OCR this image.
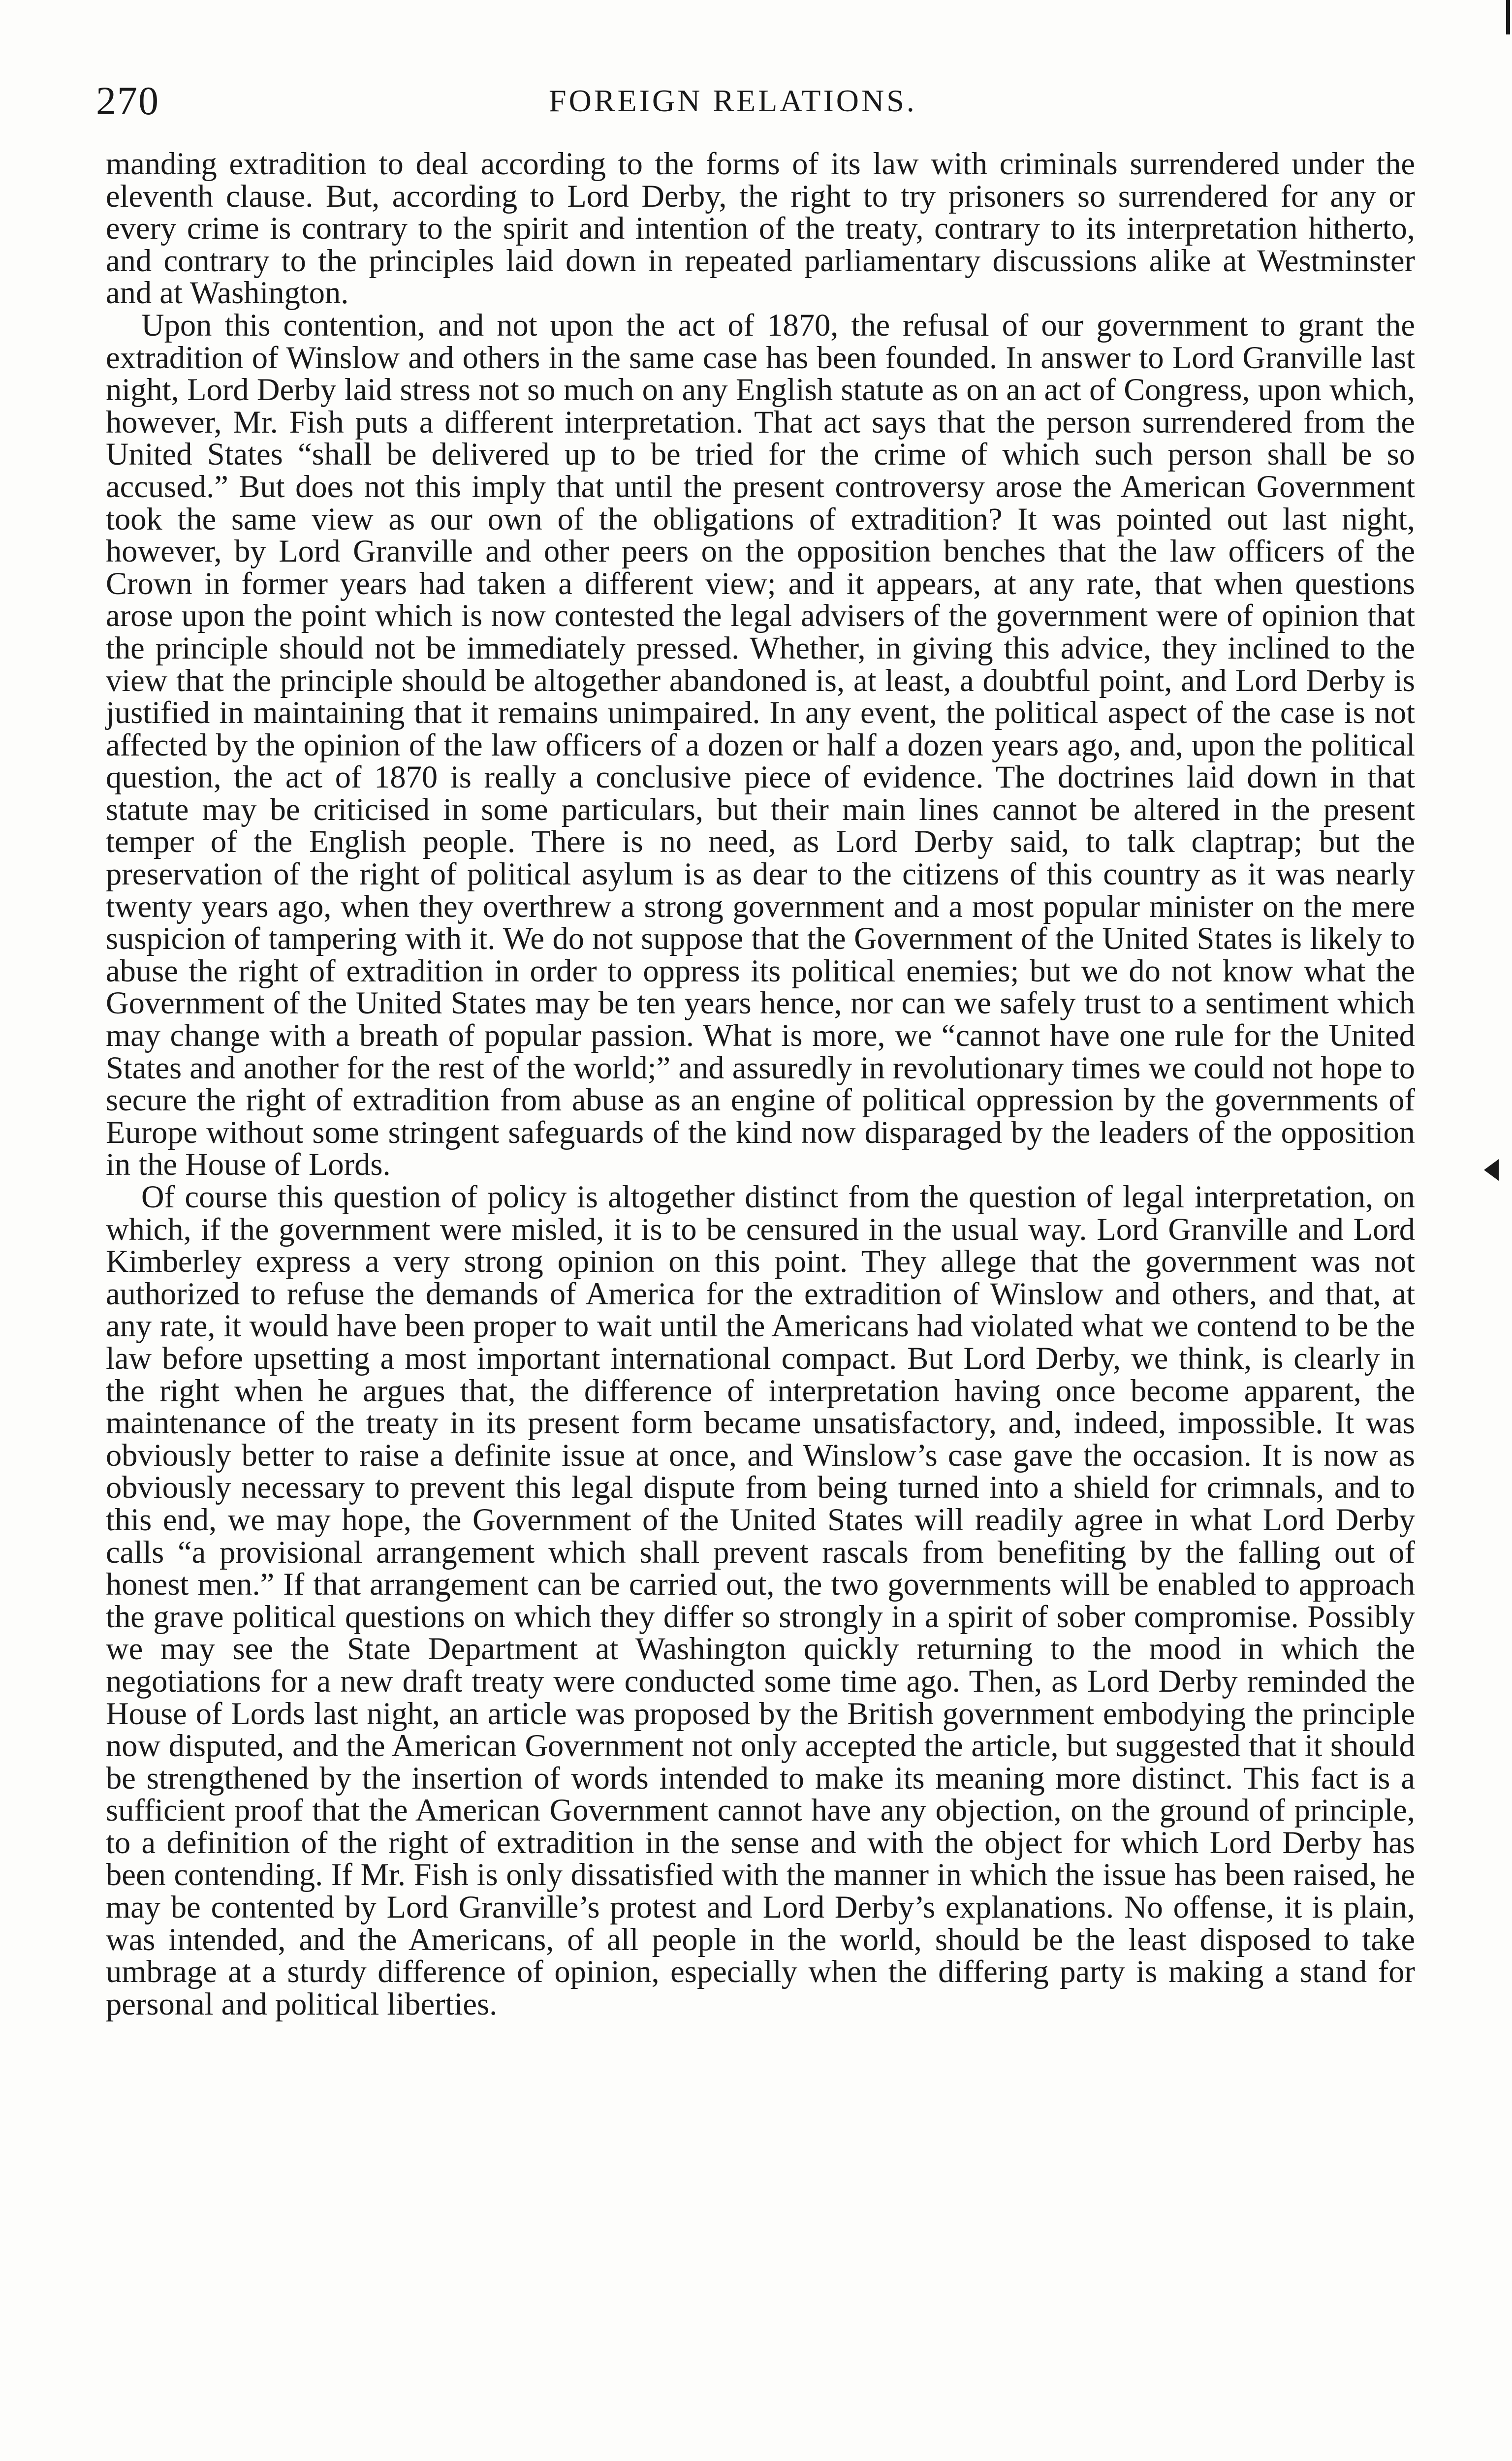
270	FOREIGN RELATIONS.

manding extradition to deal according to the forms of its law with criminals surrendered under the eleventh clause. But, according to Lord Derby, the right to try prisoners so surrendered for any or every crime is contrary to the spirit and intention of the treaty, contrary to its interpretation hitherto, and contrary to the principles laid down in repeated parliamentary discussions alike at Westminster and at Washington.

Upon this contention, and not upon the act of 1870, the refusal of our government to grant the extradition of Winslow and others in the same case has been founded. In answer to Lord Granville last night, Lord Derby laid stress not so much on any English statute as on an act of Congress, upon which, however, Mr. Fish puts a different interpretation. That act says that the person surrendered from the United States “shall be delivered up to be tried for the crime of which such person shall be so accused.” But does not this imply that until the present controversy arose the American Government took the same view as our own of the obligations of extradition? It was pointed out last night, however, by Lord Granville and other peers on the opposition benches that the law officers of the Crown in former years had taken a different view; and it appears, at any rate, that when questions arose upon the point which is now contested the legal advisers of the government were of opinion that the principle should not be immediately pressed. Whether, in giving this advice, they inclined to the view that the principle should be altogether abandoned is, at least, a doubtful point, and Lord Derby is justified in maintaining that it remains unimpaired. In any event, the political aspect of the case is not affected by the opinion of the law officers of a dozen or half a dozen years ago, and, upon the political question, the act of 1870 is really a conclusive piece of evidence. The doctrines laid down in that statute may be criticised in some particulars, but their main lines cannot be altered in the present temper of the English people. There is no need, as Lord Derby said, to talk claptrap; but the preservation of the right of political asylum is as dear to the citizens of this country as it was nearly twenty years ago, when they overthrew a strong government and a most popular minister on the mere suspicion of tampering with it. We do not suppose that the Government of the United States is likely to abuse the right of extradition in order to oppress its political enemies; but we do not know what the Government of the United States may be ten years hence, nor can we safely trust to a sentiment which may change with a breath of popular passion. What is more, we “cannot have one rule for the United States and another for the rest of the world;” and assuredly in revolutionary times we could not hope to secure the right of extradition from abuse as an engine of political oppression by the governments of Europe without some stringent safeguards of the kind now disparaged by the leaders of the opposition in the House of Lords.

Of course this question of policy is altogether distinct from the question of legal interpretation, on which, if the government were misled, it is to be censured in the usual way. Lord Granville and Lord Kimberley express a very strong opinion on this point. They allege that the government was not authorized to refuse the demands of America for the extradition of Winslow and others, and that, at any rate, it would have been proper to wait until the Americans had violated what we contend to be the law before upsetting a most important international compact. But Lord Derby, we think, is clearly in the right when he argues that, the difference of interpretation having once become apparent, the maintenance of the treaty in its present form became unsatisfactory, and, indeed, impossible. It was obviously better to raise a definite issue at once, and Winslow’s case gave the occasion. It is now as obviously necessary to prevent this legal dispute from being turned into a shield for crimnals, and to this end, we may hope, the Government of the United States will readily agree in what Lord Derby calls “a provisional arrangement which shall prevent rascals from benefiting by the falling out of honest men.” If that arrangement can be carried out, the two governments will be enabled to approach the grave political questions on which they differ so strongly in a spirit of sober compromise. Possibly we may see the State Department at Washington quickly returning to the mood in which the negotiations for a new draft treaty were conducted some time ago. Then, as Lord Derby reminded the House of Lords last night, an article was proposed by the British government embodying the principle now disputed, and the American Government not only accepted the article, but suggested that it should be strengthened by the insertion of words intended to make its meaning more distinct. This fact is a sufficient proof that the American Government cannot have any objection, on the ground of principle, to a definition of the right of extradition in the sense and with the object for which Lord Derby has been contending. If Mr. Fish is only dissatisfied with the manner in which the issue has been raised, he may be contented by Lord Granville’s protest and Lord Derby’s explanations. No offense, it is plain, was intended, and the Americans, of all people in the world, should be the least disposed to take umbrage at a sturdy difference of opinion, especially when the differing party is making a stand for personal and political liberties.
